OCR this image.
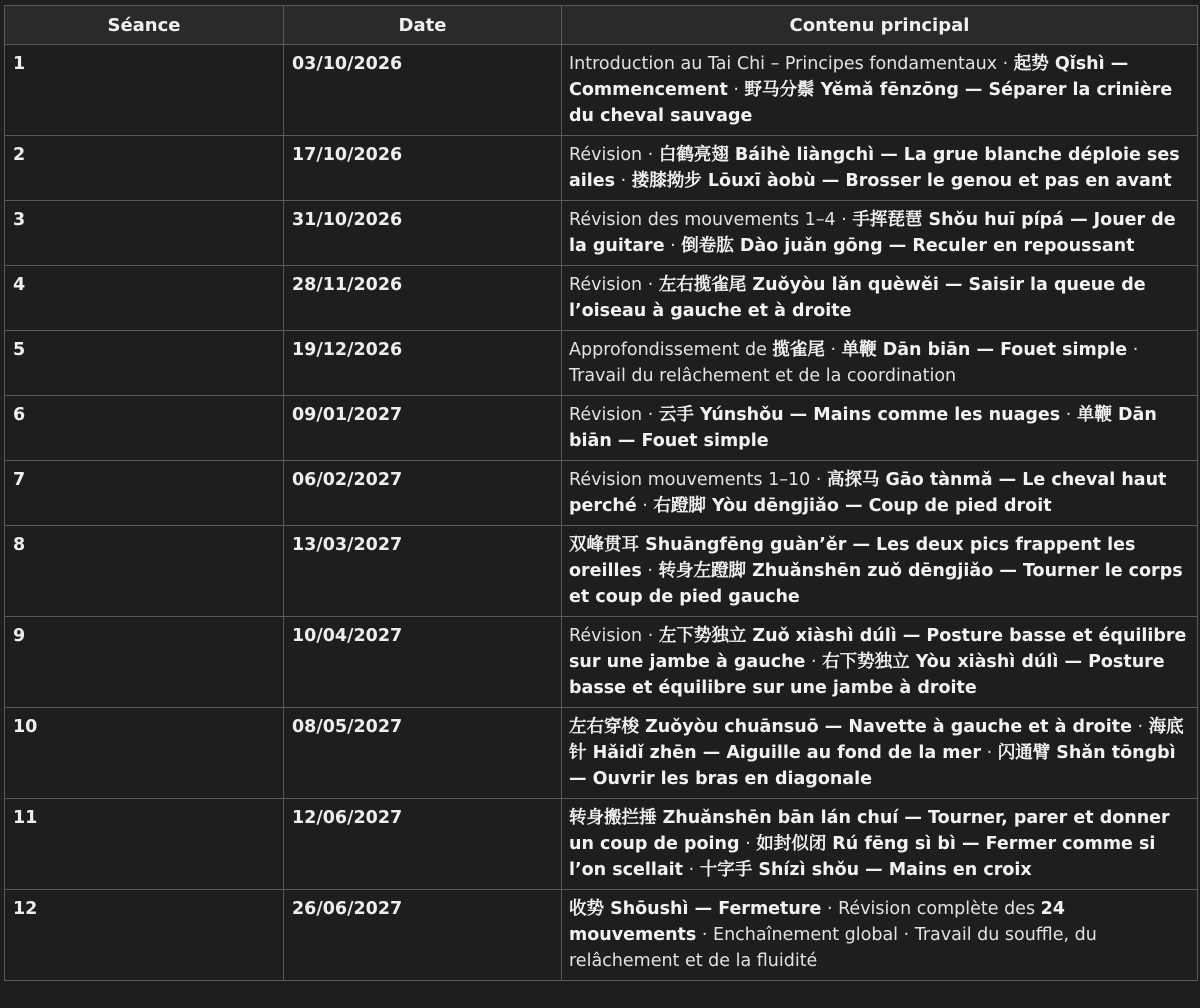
Séance	Date	Contenu principal
1	03/10/2026	Introduction au Tai Chi – Principes fondamentaux · 起势 Qǐshì — Commencement · 野马分鬃 Yěmǎ fēnzōng — Séparer la crinière du cheval sauvage
2	17/10/2026	Révision · 白鹤亮翅 Báihè liàngchì — La grue blanche déploie ses ailes · 搂膝拗步 Lōuxī àobù — Brosser le genou et pas en avant
3	31/10/2026	Révision des mouvements 1–4 · 手挥琵琶 Shǒu huī pípá — Jouer de la guitare · 倒卷肱 Dào juǎn gōng — Reculer en repoussant
4	28/11/2026	Révision · 左右揽雀尾 Zuǒyòu lǎn quèwěi — Saisir la queue de l’oiseau à gauche et à droite
5	19/12/2026	Approfondissement de 揽雀尾 · 单鞭 Dān biān — Fouet simple · Travail du relâchement et de la coordination
6	09/01/2027	Révision · 云手 Yúnshǒu — Mains comme les nuages · 单鞭 Dān biān — Fouet simple
7	06/02/2027	Révision mouvements 1–10 · 高探马 Gāo tànmǎ — Le cheval haut perché · 右蹬脚 Yòu dēngjiǎo — Coup de pied droit
8	13/03/2027	双峰贯耳 Shuāngfēng guàn’ěr — Les deux pics frappent les oreilles · 转身左蹬脚 Zhuǎnshēn zuǒ dēngjiǎo — Tourner le corps et coup de pied gauche
9	10/04/2027	Révision · 左下势独立 Zuǒ xiàshì dúlì — Posture basse et équilibre sur une jambe à gauche · 右下势独立 Yòu xiàshì dúlì — Posture basse et équilibre sur une jambe à droite
10	08/05/2027	左右穿梭 Zuǒyòu chuānsuō — Navette à gauche et à droite · 海底针 Hǎidǐ zhēn — Aiguille au fond de la mer · 闪通臂 Shǎn tōngbì — Ouvrir les bras en diagonale
11	12/06/2027	转身搬拦捶 Zhuǎnshēn bān lán chuí — Tourner, parer et donner un coup de poing · 如封似闭 Rú fēng sì bì — Fermer comme si l’on scellait · 十字手 Shízì shǒu — Mains en croix
12	26/06/2027	收势 Shōushì — Fermeture · Révision complète des 24 mouvements · Enchaînement global · Travail du souffle, du relâchement et de la fluidité
